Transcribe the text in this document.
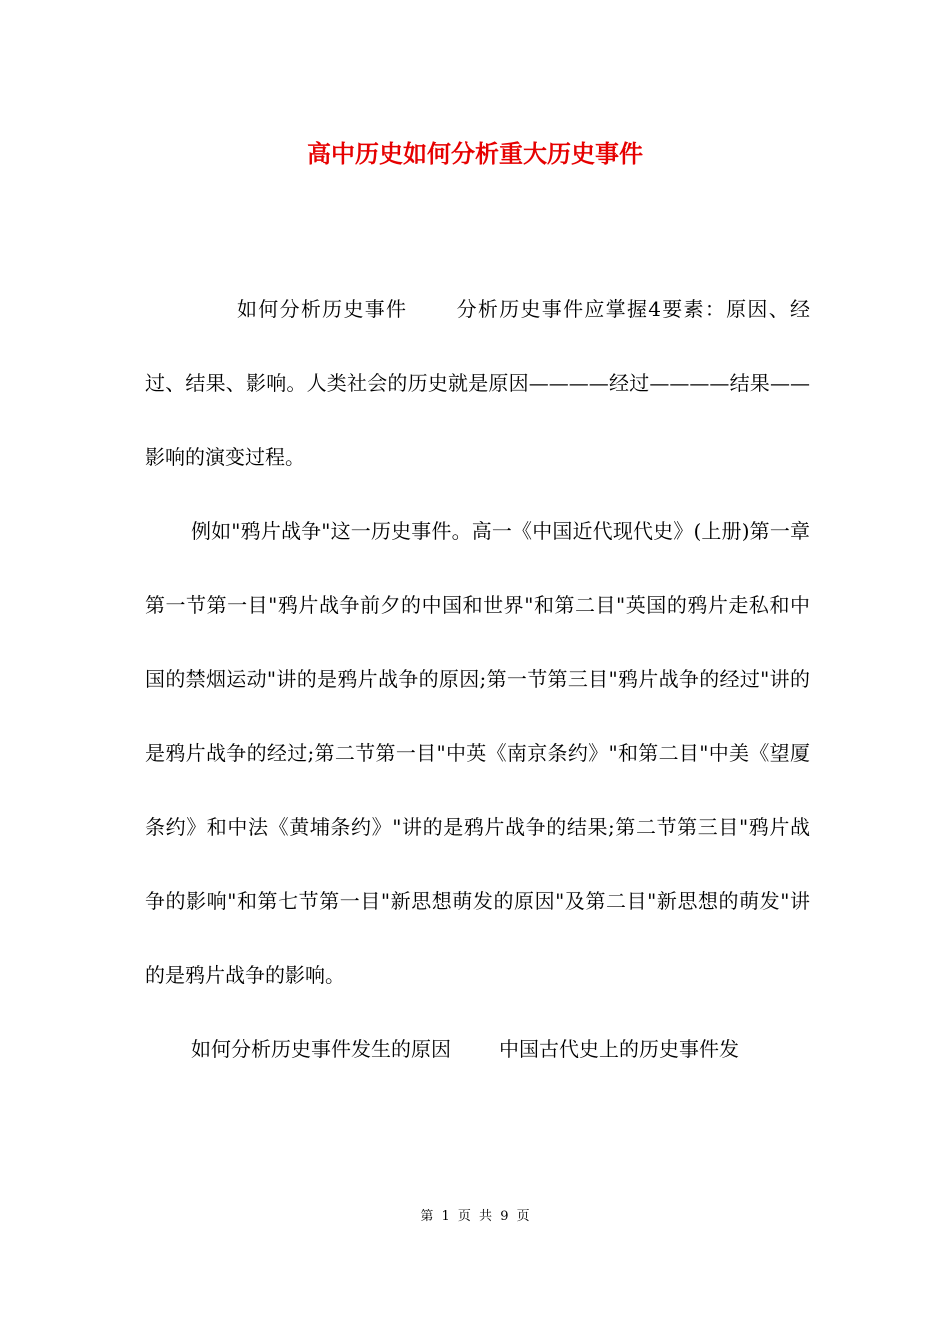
高中历史如何分析重大历史事件

如何分析历史事件 分析历史事件应掌握4要素：原因、经过、结果、影响。人类社会的历史就是原因————经过————结果——影响的演变过程。

例如"鸦片战争"这一历史事件。高一《中国近代现代史》(上册)第一章第一节第一目"鸦片战争前夕的中国和世界"和第二目"英国的鸦片走私和中国的禁烟运动"讲的是鸦片战争的原因;第一节第三目"鸦片战争的经过"讲的是鸦片战争的经过;第二节第一目"中英《南京条约》"和第二目"中美《望厦条约》和中法《黄埔条约》"讲的是鸦片战争的结果;第二节第三目"鸦片战争的影响"和第七节第一目"新思想萌发的原因"及第二目"新思想的萌发"讲的是鸦片战争的影响。

如何分析历史事件发生的原因 中国古代史上的历史事件发

第 1 页 共 9 页
